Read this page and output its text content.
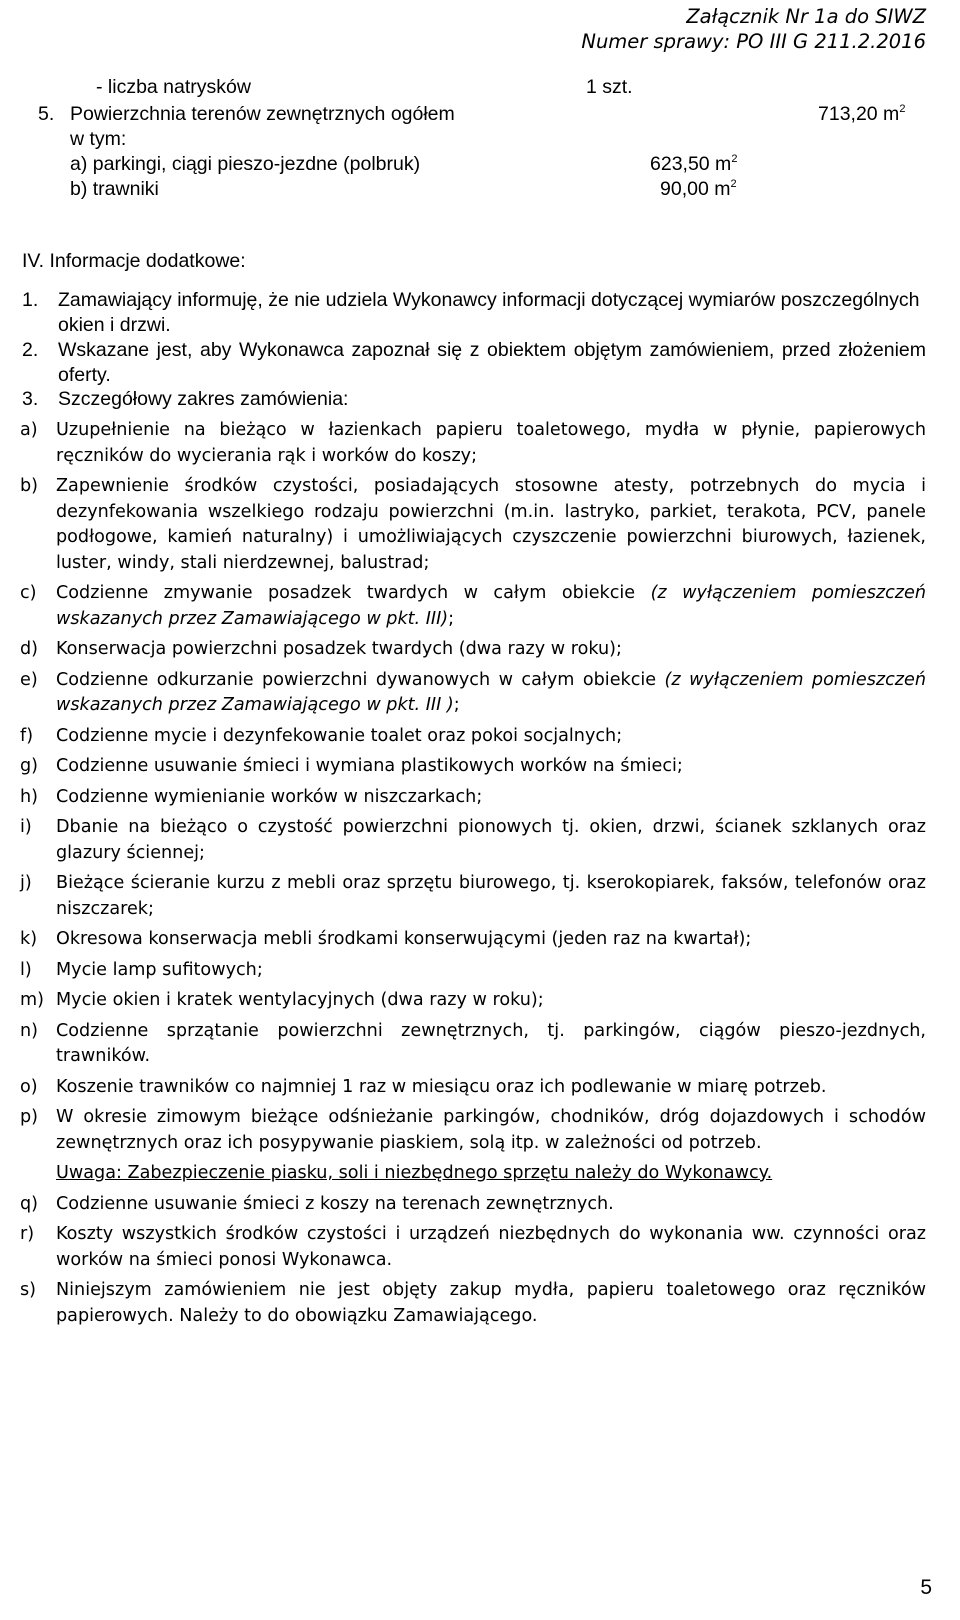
Załącznik Nr 1a do SIWZ
Numer sprawy: PO III G 211.2.2016
- liczba natrysków	1 szt.
5. Powierzchnia terenów zewnętrznych ogółem	713,20 $m^2$
w tym:
a) parkingi, ciągi pieszo-jezdne (polbruk)	623,50 $m^2$
b) trawniki	90,00 $m^2$
IV. Informacje dodatkowe:
1.	Zamawiający informuję, że nie udziela Wykonawcy informacji dotyczącej wymiarów poszczególnych okien i drzwi.
2.	Wskazane jest, aby Wykonawca zapoznał się z obiektem objętym zamówieniem, przed złożeniem oferty.
3. Szczegółowy zakres zamówienia:
a) Uzupełnienie na bieżąco w łazienkach papieru toaletowego, mydła w płynie, papierowych ręczników do wycierania rąk i worków do koszy;
b) Zapewnienie środków czystości, posiadających stosowne atesty, potrzebnych do mycia i dezynfekowania wszelkiego rodzaju powierzchni (m.in. lastryko, parkiet, terakota, PCV, panele podłogowe, kamień naturalny) i umożliwiających czyszczenie powierzchni biurowych, łazienek, luster, windy, stali nierdzewnej, balustrad;
c) Codzienne zmywanie posadzek twardych w całym obiekcie (z wyłączeniem pomieszczeń wskazanych przez Zamawiającego w pkt. III);
d) Konserwacja powierzchni posadzek twardych (dwa razy w roku);
e) Codzienne odkurzanie powierzchni dywanowych w całym obiekcie (z wyłączeniem pomieszczeń wskazanych przez Zamawiającego w pkt. III );
f) Codzienne mycie i dezynfekowanie toalet oraz pokoi socjalnych;
g) Codzienne usuwanie śmieci i wymiana plastikowych worków na śmieci;
h) Codzienne wymienianie worków w niszczarkach;
i) Dbanie na bieżąco o czystość powierzchni pionowych tj. okien, drzwi, ścianek szklanych oraz glazury ściennej;
j) Bieżące ścieranie kurzu z mebli oraz sprzętu biurowego, tj. kserokopiarek, faksów, telefonów oraz niszczarek;
k) Okresowa konserwacja mebli środkami konserwującymi (jeden raz na kwartał);
l) Mycie lamp sufitowych;
m) Mycie okien i kratek wentylacyjnych (dwa razy w roku);
n) Codzienne sprzątanie powierzchni zewnętrznych, tj. parkingów, ciągów pieszo-jezdnych, trawników.
o) Koszenie trawników co najmniej 1 raz w miesiącu oraz ich podlewanie w miarę potrzeb.
p) W okresie zimowym bieżące odśnieżanie parkingów, chodników, dróg dojazdowych i schodów zewnętrznych oraz ich posypywanie piaskiem, solą itp. w zależności od potrzeb.
Uwaga: Zabezpieczenie piasku, soli i niezbędnego sprzętu należy do Wykonawcy.
q) Codzienne usuwanie śmieci z koszy na terenach zewnętrznych.
r) Koszty wszystkich środków czystości i urządzeń niezbędnych do wykonania ww. czynności oraz worków na śmieci ponosi Wykonawca.
s) Niniejszym zamówieniem nie jest objęty zakup mydła, papieru toaletowego oraz ręczników papierowych. Należy to do obowiązku Zamawiającego.
5
